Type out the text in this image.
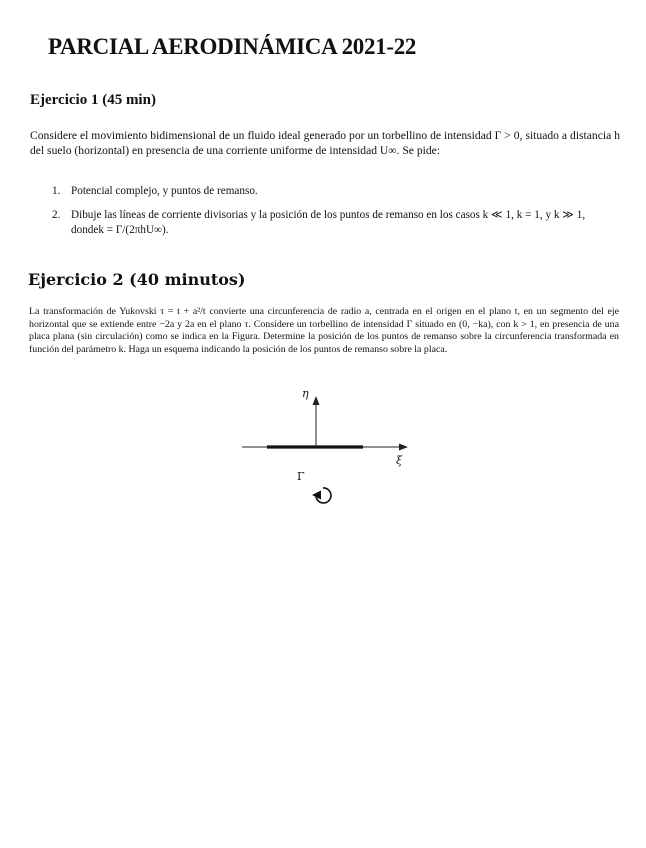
PARCIAL AERODINÁMICA 2021-22
Ejercicio 1 (45 min)
Considere el movimiento bidimensional de un fluido ideal generado por un torbellino de intensidad Γ > 0, situado a distancia h del suelo (horizontal) en presencia de una corriente uniforme de intensidad U∞. Se pide:
1. Potencial complejo, y puntos de remanso.
2. Dibuje las líneas de corriente divisorias y la posición de los puntos de remanso en los casos k ≪ 1, k = 1, y k ≫ 1, dondek = Γ/(2πhU∞).
Ejercicio 2 (40 minutos)
La transformación de Yukovski τ = t + a²/t convierte una circunferencia de radio a, centrada en el origen en el plano t, en un segmento del eje horizontal que se extiende entre −2a y 2a en el plano τ. Considere un torbellino de intensidad Γ situado en (0, −ka), con k > 1, en presencia de una placa plana (sin circulación) como se indica en la Figura. Determine la posición de los puntos de remanso sobre la circunferencia transformada en función del parámetro k. Haga un esquema indicando la posición de los puntos de remanso sobre la placa.
η
ξ
Γ
